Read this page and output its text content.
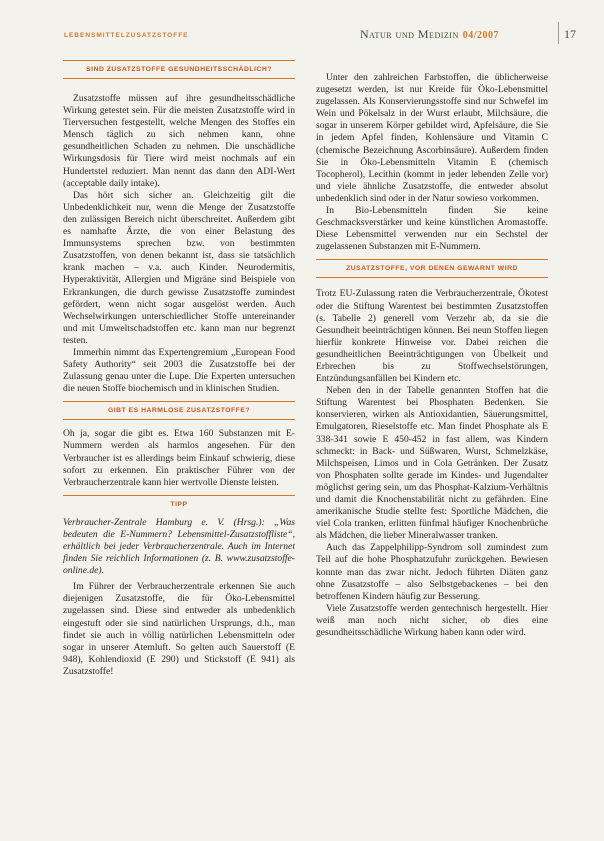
LEBENSMITTELZUSATZSTOFFE	Natur und Medizin 04/2007	17
SIND ZUSATZSTOFFE GESUNDHEITSSCHÄDLICH?

Zusatzstoffe müssen auf ihre gesundheitsschädliche Wirkung getestet sein. Für die meisten Zusatzstoffe wird in Tierversuchen festgestellt, welche Mengen des Stoffes ein Mensch täglich zu sich nehmen kann, ohne gesundheitlichen Schaden zu nehmen. Die unschädliche Wirkungsdosis für Tiere wird meist nochmals auf ein Hundertstel reduziert. Man nennt das dann den ADI-Wert (acceptable daily intake).

Das hört sich sicher an. Gleichzeitig gilt die Unbedenklichkeit nur, wenn die Menge der Zusatzstoffe den zulässigen Bereich nicht überschreitet. Außerdem gibt es namhafte Ärzte, die von einer Belastung des Immunsystems sprechen bzw. von bestimmten Zusatzstoffen, von denen bekannt ist, dass sie tatsächlich krank machen – v.a. auch Kinder. Neurodermitis, Hyperaktivität, Allergien und Migräne sind Beispiele von Erkrankungen, die durch gewisse Zusatzstoffe zumindest gefördert, wenn nicht sogar ausgelöst werden. Auch Wechselwirkungen unterschiedlicher Stoffe untereinander und mit Umweltschadstoffen etc. kann man nur begrenzt testen.

Immerhin nimmt das Expertengremium „European Food Safety Authority“ seit 2003 die Zusatzstoffe bei der Zulassung genau unter die Lupe. Die Experten untersuchen die neuen Stoffe biochemisch und in klinischen Studien.

GIBT ES HARMLOSE ZUSATZSTOFFE?

Oh ja, sogar die gibt es. Etwa 160 Substanzen mit E-Nummern werden als harmlos angesehen. Für den Verbraucher ist es allerdings beim Einkauf schwierig, diese sofort zu erkennen. Ein praktischer Führer von der Verbraucherzentrale kann hier wertvolle Dienste leisten.

TIPP

Verbraucher-Zentrale Hamburg e. V. (Hrsg.): „Was bedeuten die E-Nummern? Lebensmittel-Zusatzstoffliste“, erhältlich bei jeder Verbraucherzentrale. Auch im Internet finden Sie reichlich Informationen (z. B. www.zusatzstoffe-online.de).

Im Führer der Verbraucherzentrale erkennen Sie auch diejenigen Zusatzstoffe, die für Öko-Lebensmittel zugelassen sind. Diese sind entweder als unbedenklich eingestuft oder sie sind natürlichen Ursprungs, d.h., man findet sie auch in völlig natürlichen Lebensmitteln oder sogar in unserer Atemluft. So gelten auch Sauerstoff (E 948), Kohlendioxid (E 290) und Stickstoff (E 941) als Zusatzstoffe!

Unter den zahlreichen Farbstoffen, die üblicherweise zugesetzt werden, ist nur Kreide für Öko-Lebensmittel zugelassen. Als Konservierungsstoffe sind nur Schwefel im Wein und Pökelsalz in der Wurst erlaubt, Milchsäure, die sogar in unserem Körper gebildet wird, Apfelsäure, die Sie in jedem Apfel finden, Kohlensäure und Vitamin C (chemische Bezeichnung Ascorbinsäure). Außerdem finden Sie in Öko-Lebensmitteln Vitamin E (chemisch Tocopherol), Lecithin (kommt in jeder lebenden Zelle vor) und viele ähnliche Zusatzstoffe, die entweder absolut unbedenklich sind oder in der Natur sowieso vorkommen.

In Bio-Lebensmitteln finden Sie keine Geschmacksverstärker und keine künstlichen Aromastoffe. Diese Lebensmittel verwenden nur ein Sechstel der zugelassenen Substanzen mit E-Nummern.

ZUSATZSTOFFE, VOR DENEN GEWARNT WIRD

Trotz EU-Zulassung raten die Verbraucherzentrale, Ökotest oder die Stiftung Warentest bei bestimmten Zusatzstoffen (s. Tabelle 2) generell vom Verzehr ab, da sie die Gesundheit beeinträchtigen können. Bei neun Stoffen liegen hierfür konkrete Hinweise vor. Dabei reichen die gesundheitlichen Beeinträchtigungen von Übelkeit und Erbrechen bis zu Stoffwechselstörungen, Entzündungsanfällen bei Kindern etc.

Neben den in der Tabelle genannten Stoffen hat die Stiftung Warentest bei Phosphaten Bedenken. Sie konservieren, wirken als Antioxidantien, Säuerungsmittel, Emulgatoren, Rieselstoffe etc. Man findet Phosphate als E 338-341 sowie E 450-452 in fast allem, was Kindern schmeckt: in Back- und Süßwaren, Wurst, Schmelzkäse, Milchspeisen, Limos und in Cola Getränken. Der Zusatz von Phosphaten sollte gerade im Kindes- und Jugendalter möglichst gering sein, um das Phosphat-Kalzium-Verhältnis und damit die Knochenstabilität nicht zu gefährden. Eine amerikanische Studie stellte fest: Sportliche Mädchen, die viel Cola tranken, erlitten fünfmal häufiger Knochenbrüche als Mädchen, die lieber Mineralwasser tranken.

Auch das Zappelphilipp-Syndrom soll zumindest zum Teil auf die hohe Phosphatzufuhr zurückgehen. Bewiesen konnte man das zwar nicht. Jedoch führten Diäten ganz ohne Zusatzstoffe – also Selbstgebackenes – bei den betroffenen Kindern häufig zur Besserung.

Viele Zusatzstoffe werden gentechnisch hergestellt. Hier weiß man noch nicht sicher, ob dies eine gesundheitsschädliche Wirkung haben kann oder wird.
